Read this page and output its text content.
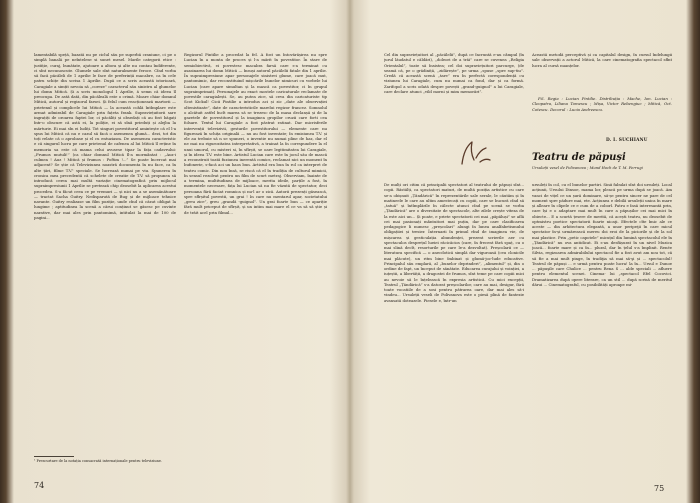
lamentabilă speță, bazată nu pe ciclul său pe superbă craniune, ci pe o simplă banală pe neîntelese si sunet mesel. Marile categorii etice : justiție, curaj, bunătate, ajutoare a altora și alte nu contau îndiferente, ci sînt necunoscute. Glumele sale sînt naturalmente feroce. Cînd vorba să facă păcăleli de 1 aprilie le face de preferință macabre, ca în cele patru schițe din scrisa 1 Aprilie. După ce a scris această istorioară, Caragiale a simțit nevoia să „coreze” caracterul său sinistru al glumelor lui domn Mitică. Și a scris monologul 1 Aprilie, ă semn că ideea îl preocupa. De astă dată, din păcăleală este o crimă. Moare chiar domnul Mitică, autorul și regizorul farsei. Și felul cum reacționează martorii — prietenul și complicele lui Mitică — la această cohlă întîmplare este armat admirabil de Caragiale prin fațeta frank. Supraviețuitorii sare ingrațiți de oroarea faptei lor, ci păcăliți și obsedați că au fost băgați într-o obscure că astă ei, la poliție, ei să sînă prieduți și alejba la mărturie. Ei mai sîn ei ludiți. Tot singuri povestitorul amintește că el l-a spus lui Mitică că nu e cazul să facă o asemenea glumă... dezi, tot din toți relate că o aprobase și el cu entuziasm. De asemenea caracteristic e că singurul lucru pe care prietenul de cafenea al lui Mitică îl reține în memoria sa este că mama celui avusese tipar la fața cadavrului: „Frumos mutuli!” (ca chiar domnul Mitică îl-a mormântat : „Auz-i culmea ! Auz ! Mitică și frumos : Poftim !...” Se poate încercat mai adjacent? Se știe că Televiziunea noastră documenta în nu face, ca în alte țări, filme T.V.¹ speciale. Se lucrează numai pe viu. Spunerea în cronica mea precedentă că schelete de creatie de T.V. să propunea să introducă cerea mai multă variație cinematografică prin mijlocul supraimpresiunii 1 Aprilie se pretează chip deosebit la aplicarea acestui procedeu. S-a făcut ceea ce pe vremuri — și nici nu a se asemănătoare — tractat Sacha Guitry. Nedisparută de Bug și de mijloace tehnice navante. Guitry realizase un film poziție, unde cînd că căzut obligat la lungime ; aptitudinea la scenă a cărui conținut se găsesc pe cuvinte narative, dar mai ales prin pantomimă, intitulat la mai de 100 de pagini...
Regizorul Pintilie a procedat la fel. A fost un întovărășirea nu spre Lucian în a monta de proces și l-a mărit în povestitor. În stare de semiobiectivă, ei povestesc macabra farsă care s-a terminat cu asasinarea lui domn Mitică — însuși autorul păcălelii fatale din 1 aprilie. În supraimpresiune apar personajele sinistrei glume, care joacă mut, pantomimic, dar reconstituind mișcările bunelor nimicuri cu vorbele lui Lucian (care apare simultan și la mască ca povestitor, ci în grupul supraimprimat). Personajele au exact mostele caricaturale reclamate de povestile caragialești. Se, au putea zice, să ceva din caricaturiste tip Scot Kickul! Cicii Pintilie a introdus aci și zic „date ale observației oltenistizate”, date de caracteristicile marelui regizor francez. Somnolul o alcătuit astfel încît marea să se trezesc de la masa declanșă și de la gazetele de povestitorul și la imaginea gropilor cruzii care forti cea folsare. Textul lui Caragiale a fost păstrat ratinat. Dar micrisferile intervenții televizivii, gesturile povestitorului — elemente care nu figurează în schița originală — nu au fost inventate; în emisiunea T.V. și ele au trebuie să n se spuneri, o inventie nu numai pline de haz, dar el ne mai nu rigurozitatea interpretativă, a trainat la în corespundere la el unui umorul, cu misteri si, în sfîrșit, se oare legitimitatea lui Caragiale, și în ideea T.V. este bine. Artistul Lucian care este în jocul său de mască a reconstruit toată fuziunea inerentă comics, reclamat nici un moment în bufonerie, s-facă aci un haos bun. Artistul era bun în rol ca interpret de teatru comic. Din nou însă, se riscă că el în tradiția de culturul mimicii, în sensul rezolvat pentru un film de scurt metraj. Observiam, înainte de a termina, multitudinea de mijloace, merita ideile, parțile a fost, în momentele necesare, fața lui Lucian să nu fie văzută de spectator, deci persoana fără faciat romnica și nu-l ar o zică. Autorii prezenți găsească, spre sfîrșitul povestii, un grai ! In care nu mentarul apar, societatului „greu zice”, greu „grandă -guignol”. Un grai foarte bun — ce apariție fără mult priceput de sfîrșit, și un intim mai mare el ce va să să știe și de trăit acel prin filmul...
¹ Prescurtare de la notația consacrată internaționale pentru televiziune.
74
Cel din supraviețuitori al „păcălelii”, după ce încruntă e-au câmpul (în jurul lăudatul e căldări), „doleori de a trăi” care se cuvenea „Religia Orientalul”, toate să însistea; cel doi supraviețuitori parcurge, (de seamă că, pe o grădiniță, „zidărește”, pe urma „spuse „spre sup-tiu”. Credă că această scenă „tare” era în perfectă corespondență cu viziunea lui Caragiale, cum nu numai ca fond, dar și ca formă. Zarifopol a scris odată despre povești „grand-guignol” a lui Caragiale, care declare atunci „vild morni și mim memorări”.
Această metodă perceptivă și ca capitalul design, în cursul îndelungii sale observații a actorul Mitică, la care cinematografia spectacol sfînt lucra al cursă nuanțelor.
P.S. Regia : Lucian Pintilie. Distribuția : Mache, Ion. Lucian : Cleopatra, Liliana Tomescu ; Mișa, Victor Rebengiuc ; Mitică, Oct. Cotescu. Decorul : Lucia Andreescu.
D. I. SUCHIANU
Teatru de păpuși
Ursuleții vesel de Polivanova ; Mund Hoch de T. M. Ferrugi
De mulți ori citim că principalii spectatori al teatrului de păpuși sînt... copii. Răstălți, ca spectatori maturi, de multă poziția artistice cu care se-a obișnuit „Țăndărică” în reprezentările sale serale, le căutăm și în matineele le care au ultim amestecați cu copiii, care se bucură cînd să „tatuă” și întîmplările în călecte atunci cînd pe scenă se vorba „Țăndărică” are o diversitate de spectacole, alte zilele crește viteza de la este aici un... Și poate, e priete spectatorii cei mai „păpăluși” se află cei mai pasionați mântuitori mai puțin, dar pe care clasificarea pedagogice îi numesc „preșcolari” alungi în lunea analfabetismului obligațiiei și tresier. Înternarii în primul rînd de imaginea vie, de mișcarea și gesticulația abundenței, prezent scrierile aer cu spectaculos desprețul lueiei răcicăcios (care, în frecent fără spaț, cu o mai slină decît, resorturile pe care le-a dezvoltat). Preșcolarii ce — literatura specifică — o anecdotică simplă dar viguroasă (ceu clonicile mai plăcute), un ritm bine îmbinat și glumă-joc-lude educative. Principalul său emplară, al „bunelor deprinderi”, „alimentul” și, din o ordine de fapt, un început de sănătate. Educarea curajului și voinției, a iuțeștii, a libertății, a dragostei de frumos, sînt teme pe care copiii mici au nevoie să le înțelească în expresia artistică. Cu mici excepții, Teatrul „Țăndărică” s-a datorat preșcolarilor, care au mai, desigur, fără toate vocatiile de a sosi pentru pătrarea oare, dar mai ales să-i vindeu... Ursuleții veseli de Polivanova este o piesă plină de fantezie avansată doteazele. Piesele e, într-un
ursuleți în col, cu el bunelor partiri. Sinii fabulat sînt doi ursuleți. Local acțiunii, Ursului Dinsoe, mama lor, pleacă pe urma după se joacă. Am vanci de vițel ce un șură dominare, să-șe pentru sincer ne pare de cel moment spre pădure mai, ete. Acțiunea e debilă ursuleții unica în mare și alleare în clipele ce e cum de a coborî. Patru e însă interesantă prin, care își e o adaptare mai mult în care a păpușilor cei mai mici în obiecte... E a scurtă țesere de merită, că acești teatru, nu deosebit de optmistru poetice spectatorii foarte nicaţi. Efectele cîte îmic ale ce aceste — din arhitectura elegantă, a unor peripeţii în care micul spectator în-și urmărească mereu doi eroi de la piciorile și de la sol mai plastice. Prin „petic capotele” micuțul din lumină spectacolul ele în „Țăndărică” nu ova antidicat. Ei s-au desfășurat în un nivel Muzica joacă... foarte mare și ca în... plural, dar în țelul s-a împlinit. Renée Silvia, regizoarea admirabilului spectacol fie a fost avut am nou tot, că să fie a mai mult pinge, în tradiţia să mai să-şi și ... spectacolul! Teatrul de păpuși ... e urmă pentru poate lucra! la în... Ursul e Dunoe ... păpuşile care Chulice ... pentru Rena S ... alde speciali ... afluere pentru elementul scenei. Cinema- lui „spectacol Efel Cocovici. Dramatizarea după opere literare, ca un stil ... după scrisă de meritul dărui ... Cinematograful, cu posibilități aproape mi-
75
